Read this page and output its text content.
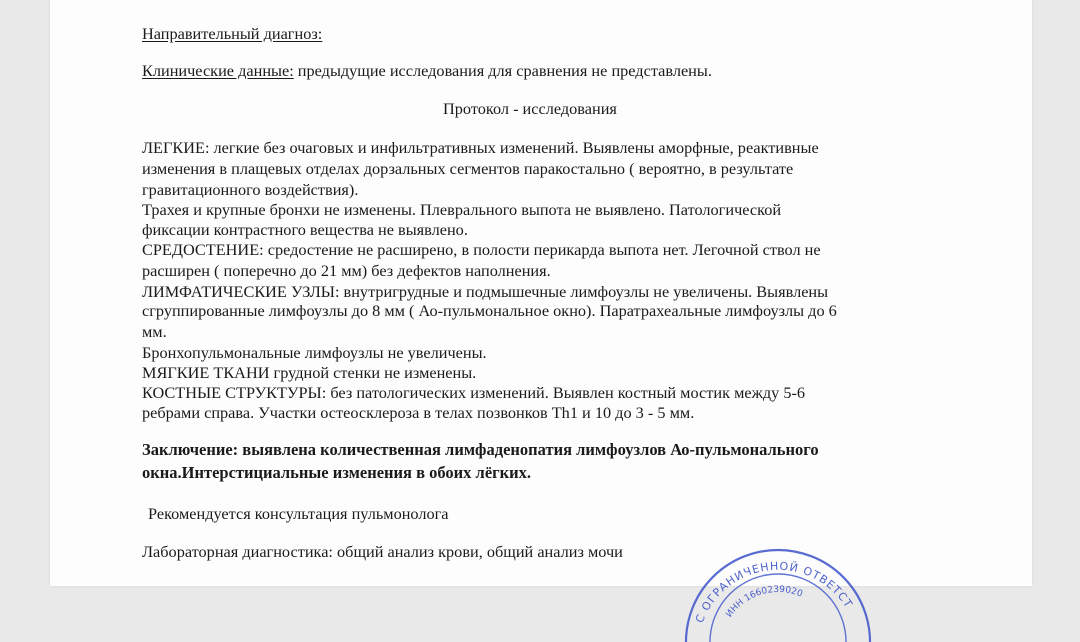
Направительный диагноз:
Клинические данные: предыдущие исследования для сравнения не представлены.
Протокол - исследования
ЛЕГКИЕ: легкие без очаговых и инфильтративных изменений. Выявлены аморфные, реактивные
изменения в плащевых отделах дорзальных сегментов паракостально ( вероятно, в результате
гравитационного воздействия).
Трахея и крупные бронхи не изменены. Плеврального выпота не выявлено. Патологической
фиксации контрастного вещества не выявлено.
СРЕДОСТЕНИЕ: средостение не расширено, в полости перикарда выпота нет. Легочной ствол не
расширен ( поперечно до 21 мм) без дефектов наполнения.
ЛИМФАТИЧЕСКИЕ УЗЛЫ: внутригрудные и подмышечные лимфоузлы не увеличены. Выявлены
сгруппированные лимфоузлы до 8 мм ( Ао-пульмональное окно). Паратрахеальные лимфоузлы до 6
мм.
Бронхопульмональные лимфоузлы не увеличены.
МЯГКИЕ ТКАНИ грудной стенки не изменены.
КОСТНЫЕ СТРУКТУРЫ: без патологических изменений. Выявлен костный мостик между 5-6
ребрами справа. Участки остеосклероза в телах позвонков Th1 и 10 до 3 - 5 мм.
Заключение: выявлена количественная лимфаденопатия лимфоузлов Ао-пульмонального
окна.Интерстициальные изменения в обоих лёгких.
Рекомендуется консультация пульмонолога
Лабораторная диагностика: общий анализ крови, общий анализ мочи
С ОГРАНИЧЕННОЙ ОТВЕТСТ
ИНН 1660239020
